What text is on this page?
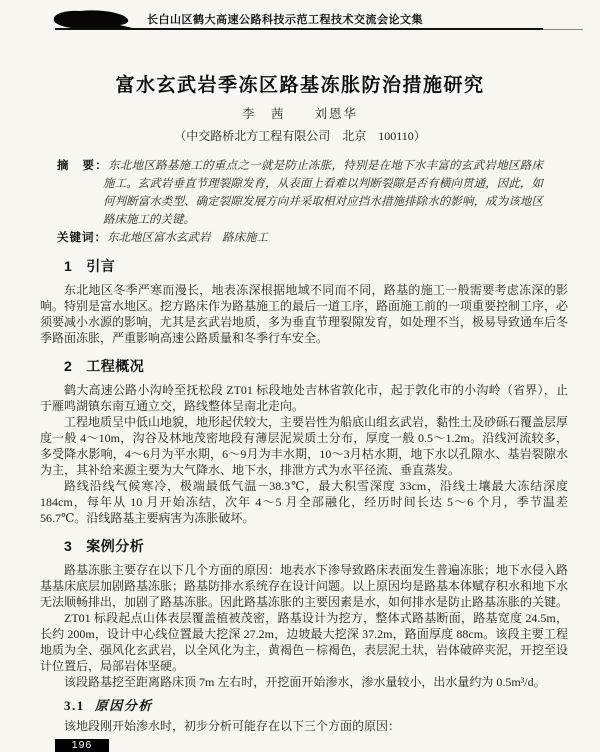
长白山区鹤大高速公路科技示范工程技术交流会论文集
富水玄武岩季冻区路基冻胀防治措施研究
李　茜　　刘恩华
（中交路桥北方工程有限公司　北京　100110）

摘　要：东北地区路基施工的重点之一就是防止冻胀，特别是在地下水丰富的玄武岩地区路床施工。玄武岩垂直节理裂隙发育，从表面上看难以判断裂隙是否有横向贯通，因此，如何判断富水类型、确定裂隙发展方向并采取相对应挡水措施排除水的影响，成为该地区路床施工的关键。

关键词：东北地区富水玄武岩　路床施工

1 引言

东北地区冬季严寒而漫长，地表冻深根据地域不同而不同，路基的施工一般需要考虑冻深的影响。特别是富水地区。挖方路床作为路基施工的最后一道工序，路面施工前的一项重要控制工序，必须要减小水源的影响，尤其是玄武岩地质，多为垂直节理裂隙发育，如处理不当，极易导致通车后冬季路面冻胀，严重影响高速公路质量和冬季行车安全。

2 工程概况

鹤大高速公路小沟岭至抚松段 ZT01 标段地处吉林省敦化市，起于敦化市的小沟岭（省界），止于雁鸣湖镇东南互通立交，路线整体呈南北走向。

工程地质呈中低山地貌，地形起伏较大，主要岩性为船底山组玄武岩，黏性土及砂砾石覆盖层厚度一般 4～10m，沟谷及林地茂密地段有薄层泥炭质土分布，厚度一般 0.5～1.2m。沿线河流较多，多受降水影响，4～6月为平水期，6～9月为丰水期，10～3月枯水期，地下水以孔隙水、基岩裂隙水为主，其补给来源主要为大气降水、地下水，排泄方式为水平径流、垂直蒸发。

路线沿线气候寒冷，极端最低气温－38.3℃，最大积雪深度 33cm，沿线土壤最大冻结深度 184cm，每年从 10 月开始冻结，次年 4～5 月全部融化，经历时间长达 5～6 个月，季节温差 56.7℃。沿线路基主要病害为冻胀破坏。

3 案例分析

路基冻胀主要存在以下几个方面的原因：地表水下渗导致路床表面发生普遍冻胀；地下水侵入路基基床底层加剧路基冻胀；路基防排水系统存在设计问题。以上原因均是路基本体赋存积水和地下水无法顺畅排出，加剧了路基冻胀。因此路基冻胀的主要因素是水，如何排水是防止路基冻胀的关键。

ZT01 标段起点山体表层覆盖植被茂密，路基设计为挖方，整体式路基断面，路基宽度 24.5m，长约 200m，设计中心线位置最大挖深 27.2m，边坡最大挖深 37.2m，路面厚度 88cm。该段主要工程地质为全、强风化玄武岩，以全风化为主，黄褐色－棕褐色，表层泥土状，岩体破碎夹泥，开挖至设计位置后，局部岩体坚硬。

该段路基挖至距离路床顶 7m 左右时，开挖面开始渗水，渗水量较小，出水量约为 0.5m³/d。

3.1 原因分析

该地段刚开始渗水时，初步分析可能存在以下三个方面的原因：

196
